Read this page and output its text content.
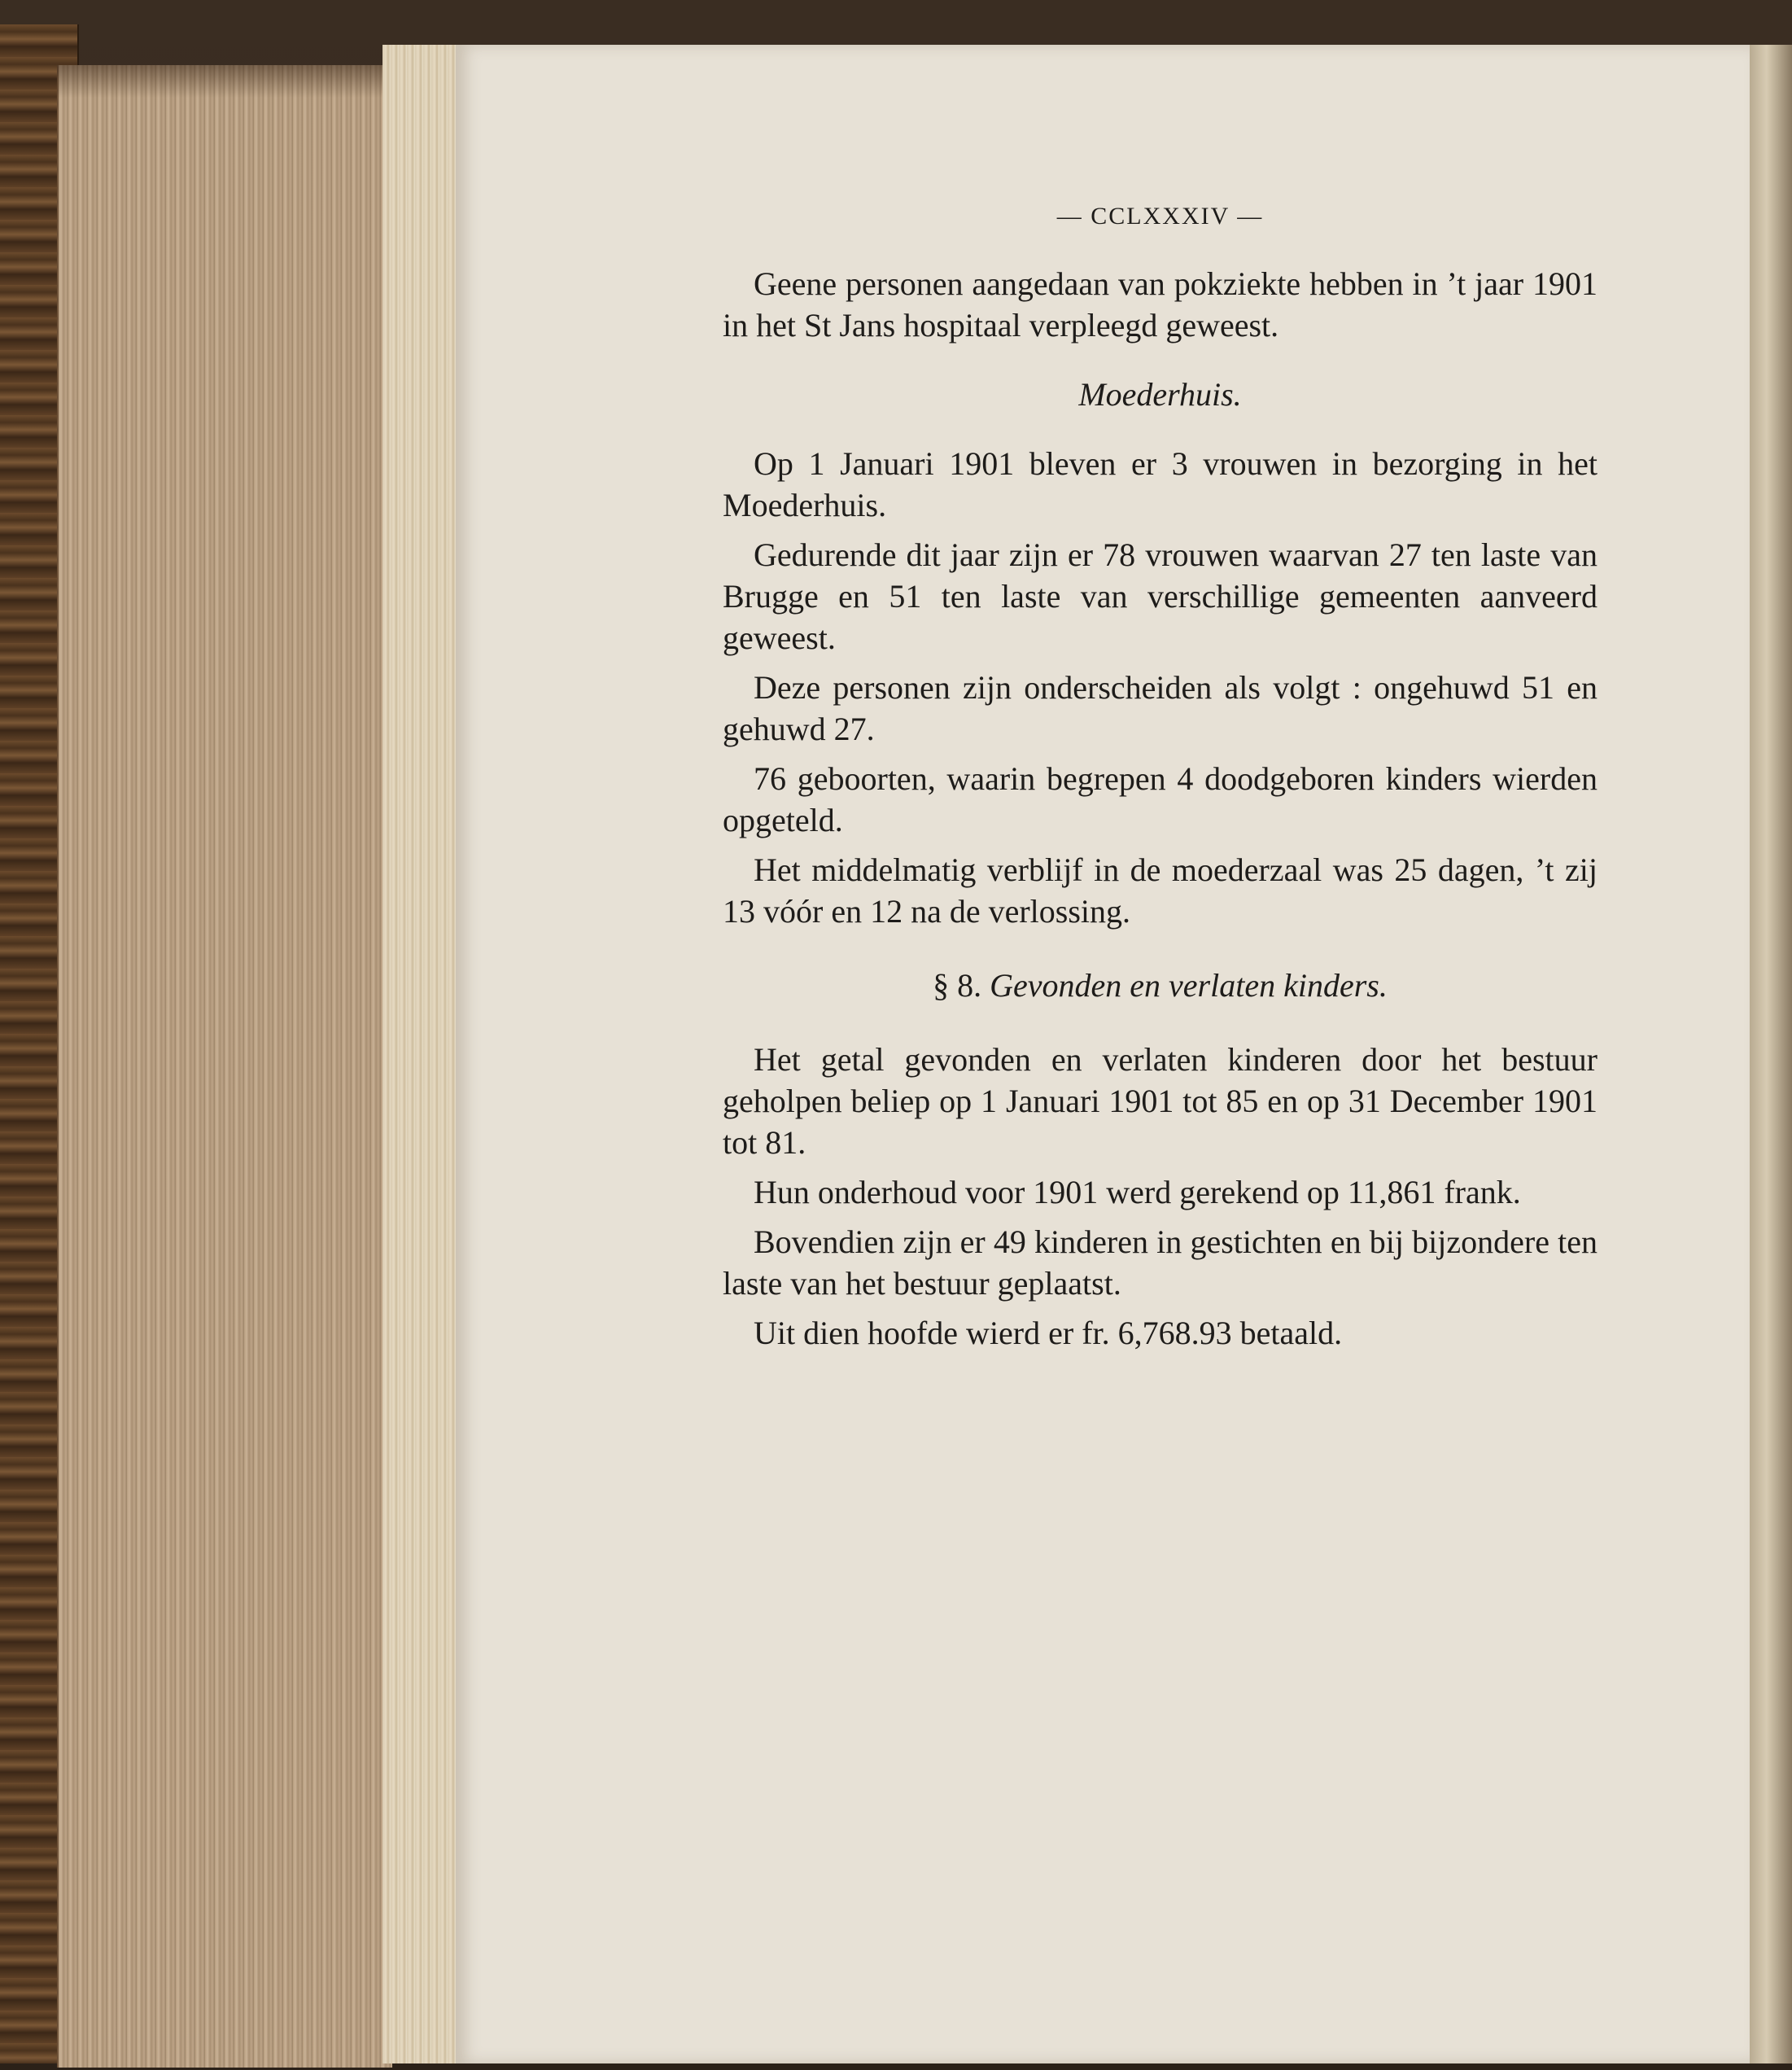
— CCLXXXIV —

Geene personen aangedaan van pokziekte hebben in ’t jaar 1901 in het St Jans hospitaal verpleegd geweest.

Moederhuis.

Op 1 Januari 1901 bleven er 3 vrouwen in bezorging in het Moederhuis.

Gedurende dit jaar zijn er 78 vrouwen waarvan 27 ten laste van Brugge en 51 ten laste van verschillige gemeenten aanveerd geweest.

Deze personen zijn onderscheiden als volgt : ongehuwd 51 en gehuwd 27.

76 geboorten, waarin begrepen 4 doodgeboren kinders wierden opgeteld.

Het middelmatig verblijf in de moederzaal was 25 dagen, ’t zij 13 vóór en 12 na de verlossing.

§ 8. Gevonden en verlaten kinders.

Het getal gevonden en verlaten kinderen door het bestuur geholpen beliep op 1 Januari 1901 tot 85 en op 31 December 1901 tot 81.

Hun onderhoud voor 1901 werd gerekend op 11,861 frank.

Bovendien zijn er 49 kinderen in gestichten en bij bijzondere ten laste van het bestuur geplaatst.

Uit dien hoofde wierd er fr. 6,768.93 betaald.
